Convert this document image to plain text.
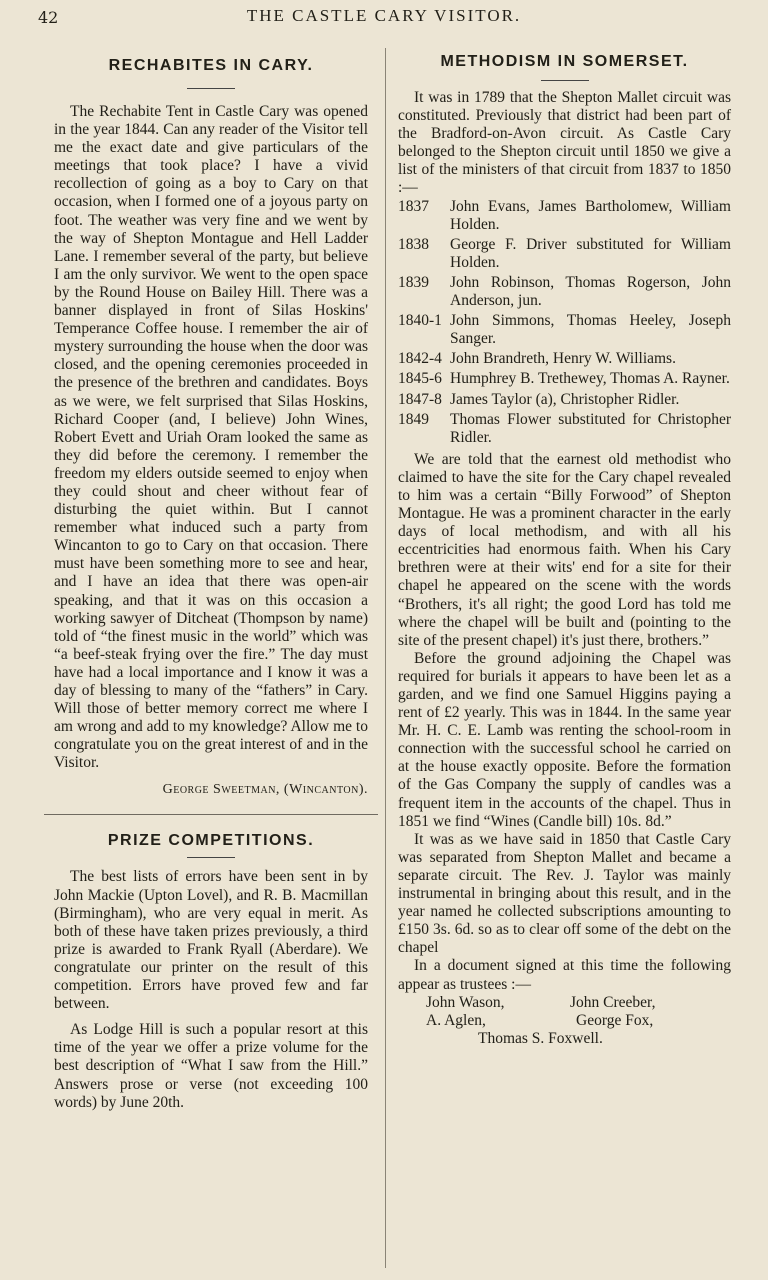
42	THE CASTLE CARY VISITOR.
RECHABITES IN CARY.

The Rechabite Tent in Castle Cary was opened in the year 1844. Can any reader of the Visitor tell me the exact date and give particulars of the meetings that took place? I have a vivid recollection of going as a boy to Cary on that occasion, when I formed one of a joyous party on foot. The weather was very fine and we went by the way of Shepton Montague and Hell Ladder Lane. I remember several of the party, but believe I am the only survivor. We went to the open space by the Round House on Bailey Hill. There was a banner displayed in front of Silas Hoskins' Temperance Coffee house. I remember the air of mystery surrounding the house when the door was closed, and the opening ceremonies proceeded in the presence of the brethren and candidates. Boys as we were, we felt surprised that Silas Hoskins, Richard Cooper (and, I believe) John Wines, Robert Evett and Uriah Oram looked the same as they did before the ceremony. I remember the freedom my elders outside seemed to enjoy when they could shout and cheer without fear of disturbing the quiet within. But I cannot remember what induced such a party from Wincanton to go to Cary on that occasion. There must have been something more to see and hear, and I have an idea that there was open-air speaking, and that it was on this occasion a working sawyer of Ditcheat (Thompson by name) told of “the finest music in the world” which was “a beef-steak frying over the fire.” The day must have had a local importance and I know it was a day of blessing to many of the “fathers” in Cary. Will those of better memory correct me where I am wrong and add to my knowledge? Allow me to congratulate you on the great interest of and in the Visitor.

George Sweetman, (Wincanton).
PRIZE COMPETITIONS.

The best lists of errors have been sent in by John Mackie (Upton Lovel), and R. B. Macmillan (Birmingham), who are very equal in merit. As both of these have taken prizes previously, a third prize is awarded to Frank Ryall (Aberdare). We congratulate our printer on the result of this competition. Errors have proved few and far between.

As Lodge Hill is such a popular resort at this time of the year we offer a prize volume for the best description of “What I saw from the Hill.” Answers prose or verse (not exceeding 100 words) by June 20th.

METHODISM IN SOMERSET.

It was in 1789 that the Shepton Mallet circuit was constituted. Previously that district had been part of the Bradford-on-Avon circuit. As Castle Cary belonged to the Shepton circuit until 1850 we give a list of the ministers of that circuit from 1837 to 1850 :—

1837 John Evans, James Bartholomew, William Holden.
1838 George F. Driver substituted for William Holden.
1839 John Robinson, Thomas Rogerson, John Anderson, jun.
1840-1 John Simmons, Thomas Heeley, Joseph Sanger.
1842-4 John Brandreth, Henry W. Williams.
1845-6 Humphrey B. Trethewey, Thomas A. Rayner.
1847-8 James Taylor (a), Christopher Ridler.
1849 Thomas Flower substituted for Christopher Ridler.

We are told that the earnest old methodist who claimed to have the site for the Cary chapel revealed to him was a certain “Billy Forwood” of Shepton Montague. He was a prominent character in the early days of local methodism, and with all his eccentricities had enormous faith. When his Cary brethren were at their wits' end for a site for their chapel he appeared on the scene with the words “Brothers, it's all right; the good Lord has told me where the chapel will be built and (pointing to the site of the present chapel) it's just there, brothers.”

Before the ground adjoining the Chapel was required for burials it appears to have been let as a garden, and we find one Samuel Higgins paying a rent of £2 yearly. This was in 1844. In the same year Mr. H. C. E. Lamb was renting the school-room in connection with the successful school he carried on at the house exactly opposite. Before the formation of the Gas Company the supply of candles was a frequent item in the accounts of the chapel. Thus in 1851 we find “Wines (Candle bill) 10s. 8d.”

It was as we have said in 1850 that Castle Cary was separated from Shepton Mallet and became a separate circuit. The Rev. J. Taylor was mainly instrumental in bringing about this result, and in the year named he collected subscriptions amounting to £150 3s. 6d. so as to clear off some of the debt on the chapel

In a document signed at this time the following appear as trustees :—

John Wason,	John Creeber,
A. Aglen,	George Fox,
Thomas S. Foxwell.
